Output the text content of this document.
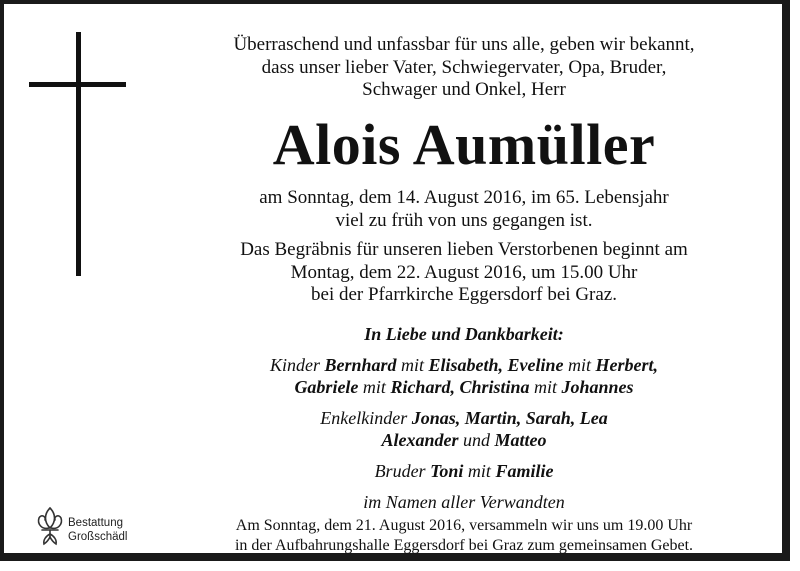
Überraschend und unfassbar für uns alle, geben wir bekannt,
dass unser lieber Vater, Schwiegervater, Opa, Bruder,
Schwager und Onkel, Herr
Alois Aumüller
am Sonntag, dem 14. August 2016, im 65. Lebensjahr
viel zu früh von uns gegangen ist.
Das Begräbnis für unseren lieben Verstorbenen beginnt am
Montag, dem 22. August 2016, um 15.00 Uhr
bei der Pfarrkirche Eggersdorf bei Graz.
In Liebe und Dankbarkeit:
Kinder Bernhard mit Elisabeth, Eveline mit Herbert,
Gabriele mit Richard, Christina mit Johannes
Enkelkinder Jonas, Martin, Sarah, Lea
Alexander und Matteo
Bruder Toni mit Familie
im Namen aller Verwandten
Am Sonntag, dem 21. August 2016, versammeln wir uns um 19.00 Uhr
in der Aufbahrungshalle Eggersdorf bei Graz zum gemeinsamen Gebet.
Bestattung
Großschädl
